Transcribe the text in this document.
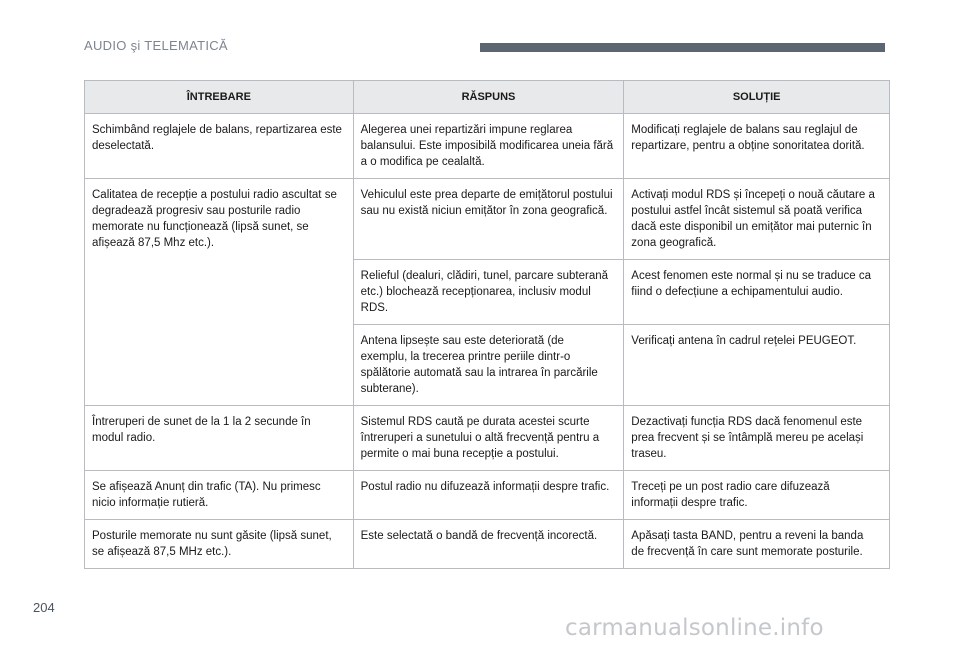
AUDIO şi TELEMATICĂ
ÎNTREBARE	RĂSPUNS	SOLUȚIE
Schimbând reglajele de balans, repartizarea este deselectată.	Alegerea unei repartizări impune reglarea balansului. Este imposibilă modificarea uneia fără a o modifica pe cealaltă.	Modificați reglajele de balans sau reglajul de repartizare, pentru a obține sonoritatea dorită.
Calitatea de recepție a postului radio ascultat se degradează progresiv sau posturile radio memorate nu funcționează (lipsă sunet, se afișează 87,5 Mhz etc.).	Vehiculul este prea departe de emițătorul postului sau nu există niciun emițător în zona geografică.	Activați modul RDS și începeți o nouă căutare a postului astfel încât sistemul să poată verifica dacă este disponibil un emițător mai puternic în zona geografică.
	Relieful (dealuri, clădiri, tunel, parcare subterană etc.) blochează recepționarea, inclusiv modul RDS.	Acest fenomen este normal și nu se traduce ca fiind o defecțiune a echipamentului audio.
	Antena lipsește sau este deteriorată (de exemplu, la trecerea printre periile dintr-o spălătorie automată sau la intrarea în parcările subterane).	Verificați antena în cadrul rețelei PEUGEOT.
Întreruperi de sunet de la 1 la 2 secunde în modul radio.	Sistemul RDS caută pe durata acestei scurte întreruperi a sunetului o altă frecvență pentru a permite o mai buna recepție a postului.	Dezactivați funcția RDS dacă fenomenul este prea frecvent și se întâmplă mereu pe același traseu.
Se afișează Anunț din trafic (TA). Nu primesc nicio informație rutieră.	Postul radio nu difuzează informații despre trafic.	Treceți pe un post radio care difuzează informații despre trafic.
Posturile memorate nu sunt găsite (lipsă sunet, se afișează 87,5 MHz etc.).	Este selectată o bandă de frecvență incorectă.	Apăsați tasta BAND, pentru a reveni la banda de frecvență în care sunt memorate posturile.
204
carmanualsonline.info
